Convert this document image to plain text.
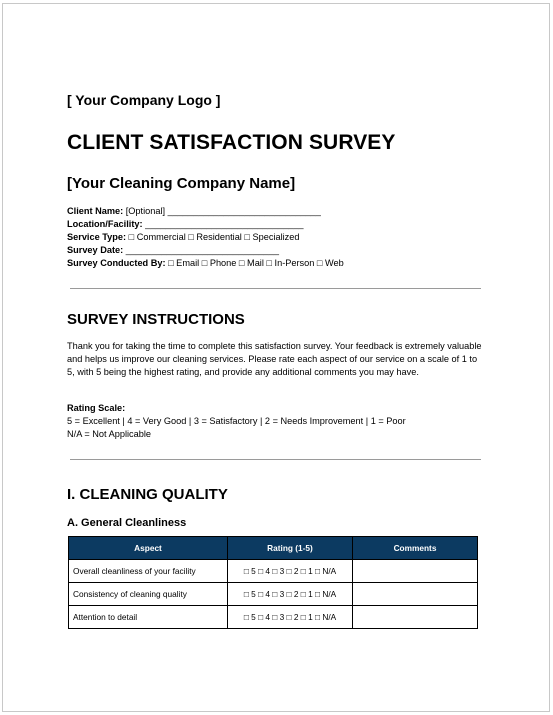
[ Your Company Logo ]
CLIENT SATISFACTION SURVEY
[Your Cleaning Company Name]
Client Name: [Optional] ______________________________
Location/Facility: _______________________________
Service Type: □ Commercial □ Residential □ Specialized
Survey Date: ______________________________
Survey Conducted By: □ Email □ Phone □ Mail □ In-Person □ Web
SURVEY INSTRUCTIONS
Thank you for taking the time to complete this satisfaction survey. Your feedback is extremely valuable and helps us improve our cleaning services. Please rate each aspect of our service on a scale of 1 to 5, with 5 being the highest rating, and provide any additional comments you may have.
Rating Scale:
5 = Excellent | 4 = Very Good | 3 = Satisfactory | 2 = Needs Improvement | 1 = Poor
N/A = Not Applicable
I. CLEANING QUALITY
A. General Cleanliness
Aspect	Rating (1-5)	Comments
Overall cleanliness of your facility	□ 5 □ 4 □ 3 □ 2 □ 1 □ N/A	
Consistency of cleaning quality	□ 5 □ 4 □ 3 □ 2 □ 1 □ N/A	
Attention to detail	□ 5 □ 4 □ 3 □ 2 □ 1 □ N/A	
